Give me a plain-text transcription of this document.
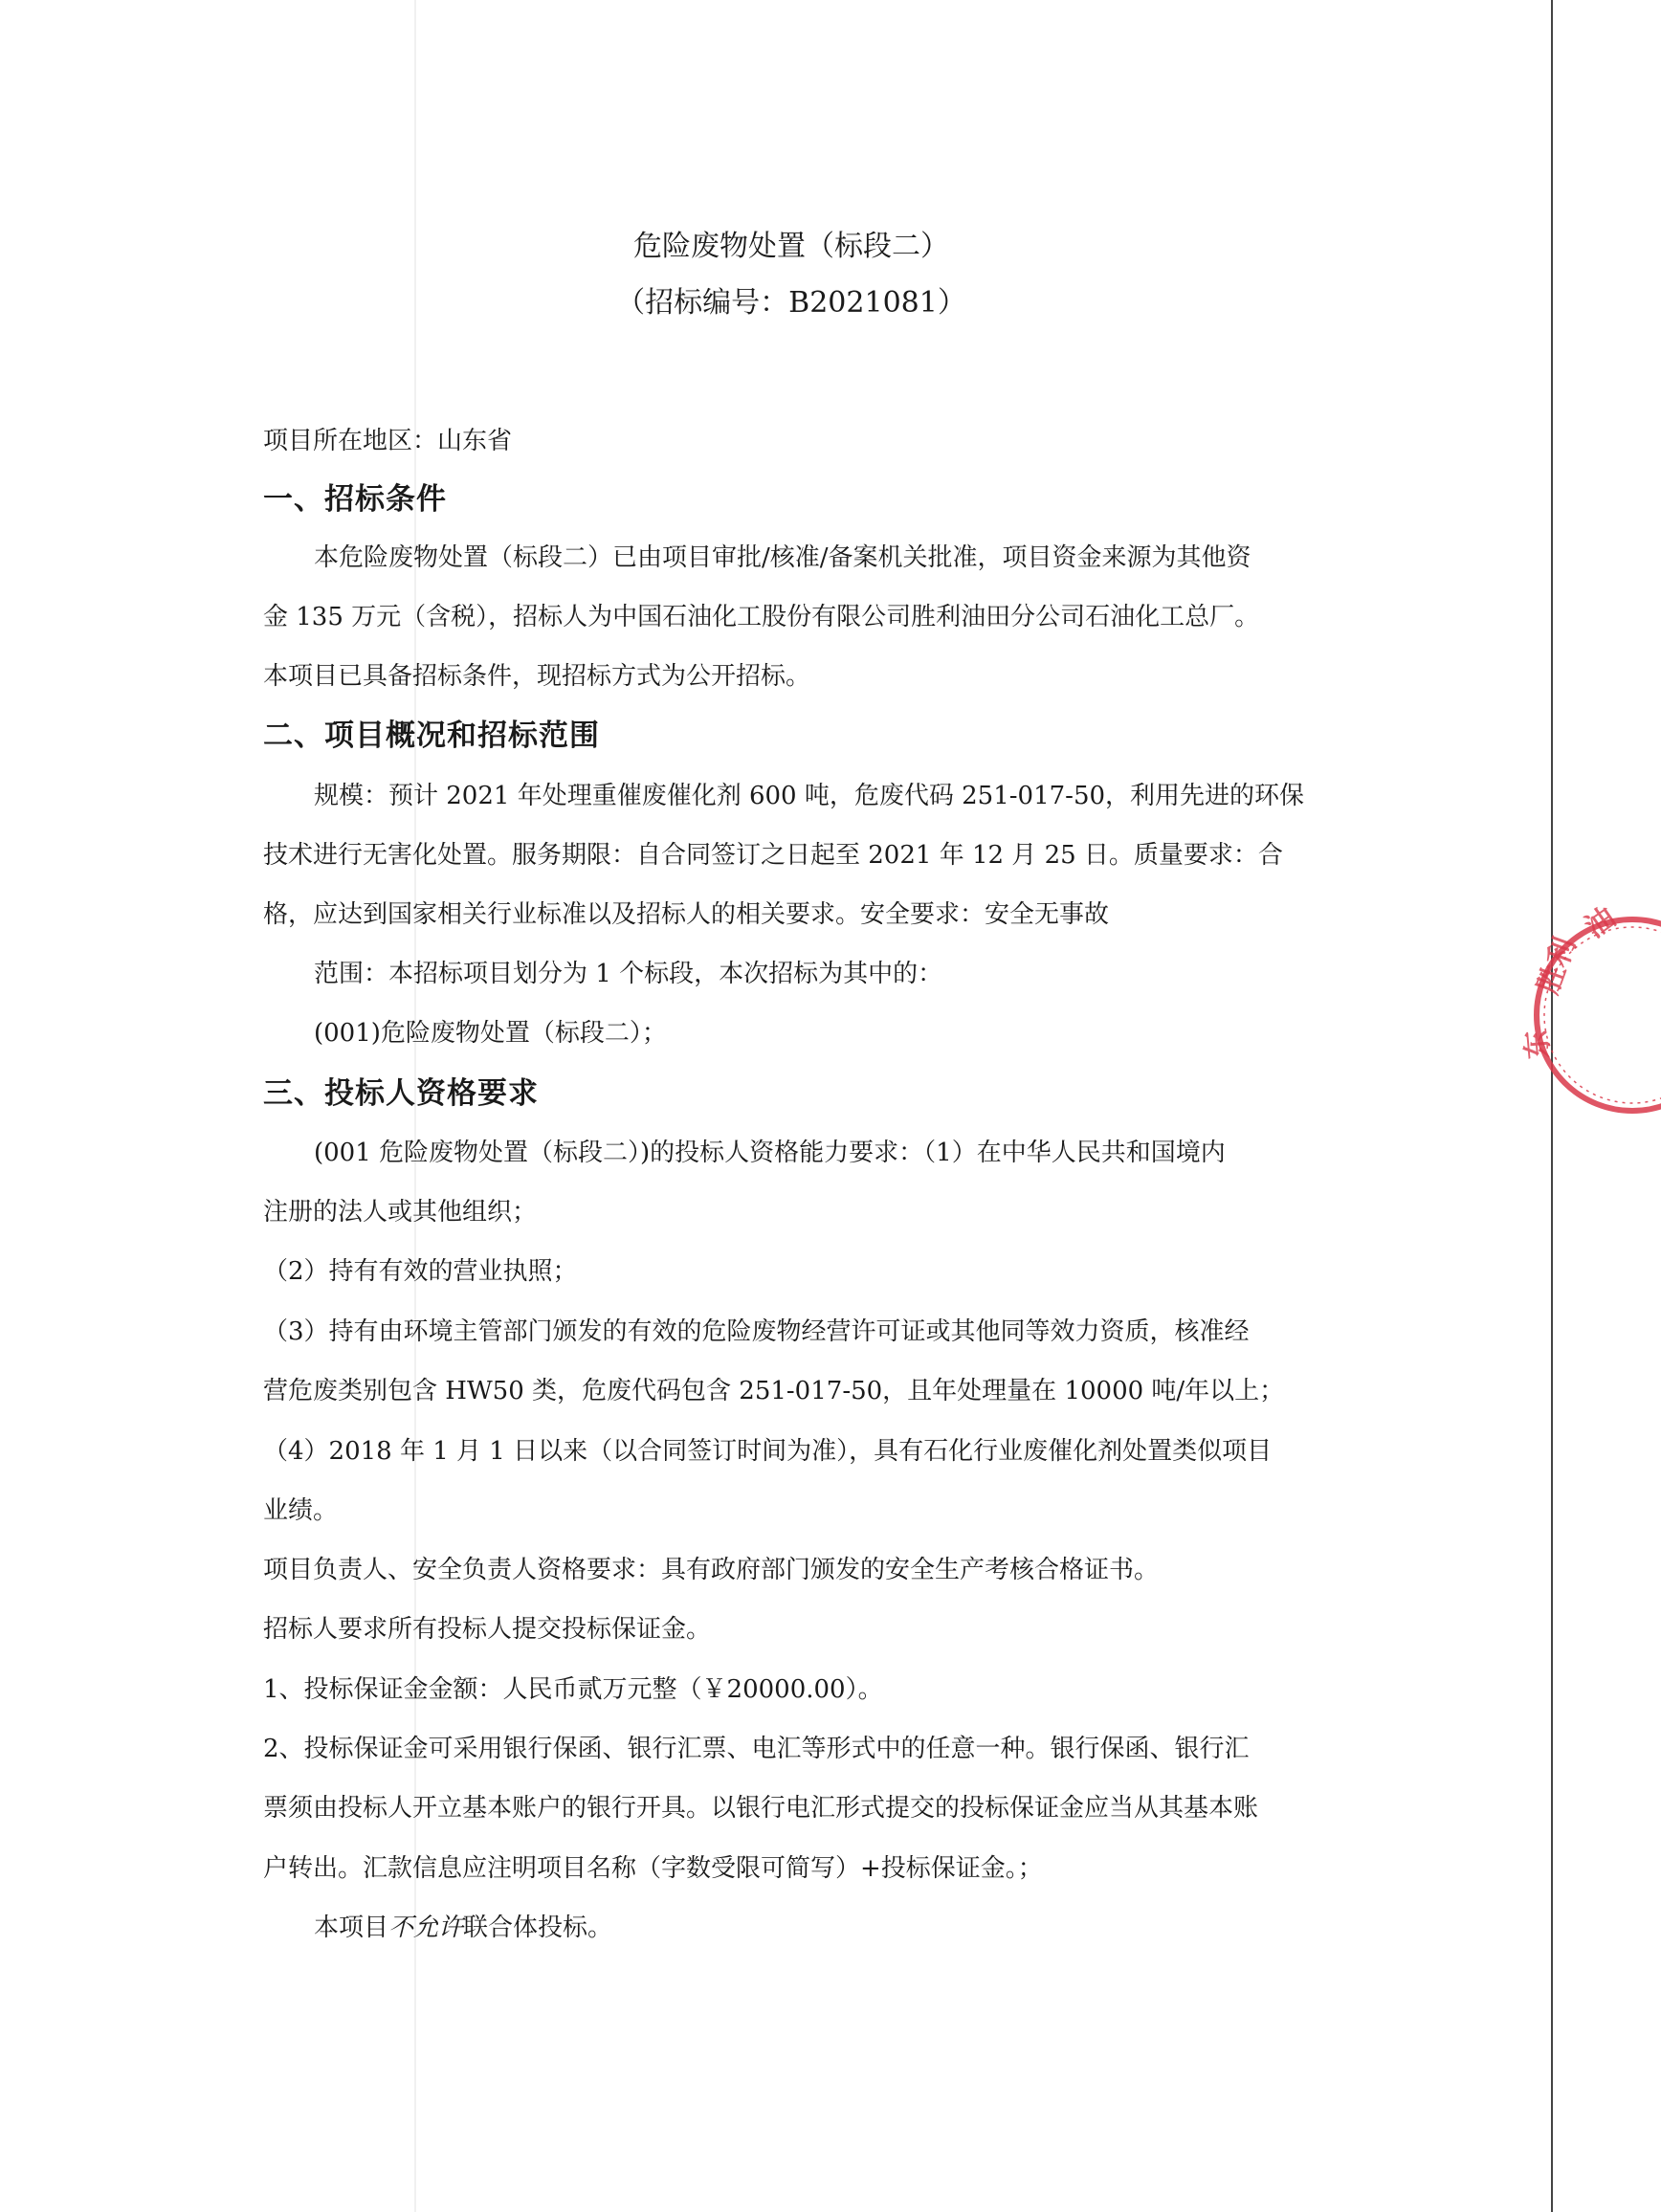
危险废物处置（标段二）
（招标编号：B2021081）
项目所在地区：山东省
一、招标条件
本危险废物处置（标段二）已由项目审批/核准/备案机关批准，项目资金来源为其他资
金 135 万元（含税），招标人为中国石油化工股份有限公司胜利油田分公司石油化工总厂。
本项目已具备招标条件，现招标方式为公开招标。
二、项目概况和招标范围
规模：预计 2021 年处理重催废催化剂 600 吨，危废代码 251-017-50，利用先进的环保
技术进行无害化处置。服务期限：自合同签订之日起至 2021 年 12 月 25 日。质量要求：合
格，应达到国家相关行业标准以及招标人的相关要求。安全要求：安全无事故
范围：本招标项目划分为 1 个标段，本次招标为其中的：
(001)危险废物处置（标段二）；
三、投标人资格要求
(001 危险废物处置（标段二）)的投标人资格能力要求：（1）在中华人民共和国境内
注册的法人或其他组织；
（2）持有有效的营业执照；
（3）持有由环境主管部门颁发的有效的危险废物经营许可证或其他同等效力资质，核准经
营危废类别包含 HW50 类，危废代码包含 251-017-50，且年处理量在 10000 吨/年以上；
（4）2018 年 1 月 1 日以来（以合同签订时间为准），具有石化行业废催化剂处置类似项目
业绩。
项目负责人、安全负责人资格要求：具有政府部门颁发的安全生产考核合格证书。
招标人要求所有投标人提交投标保证金。
1、投标保证金金额：人民币贰万元整（￥20000.00）。
2、投标保证金可采用银行保函、银行汇票、电汇等形式中的任意一种。银行保函、银行汇
票须由投标人开立基本账户的银行开具。以银行电汇形式提交的投标保证金应当从其基本账
户转出。汇款信息应注明项目名称（字数受限可简写）+投标保证金。；
本项目不允许联合体投标。
胜利
东
油
